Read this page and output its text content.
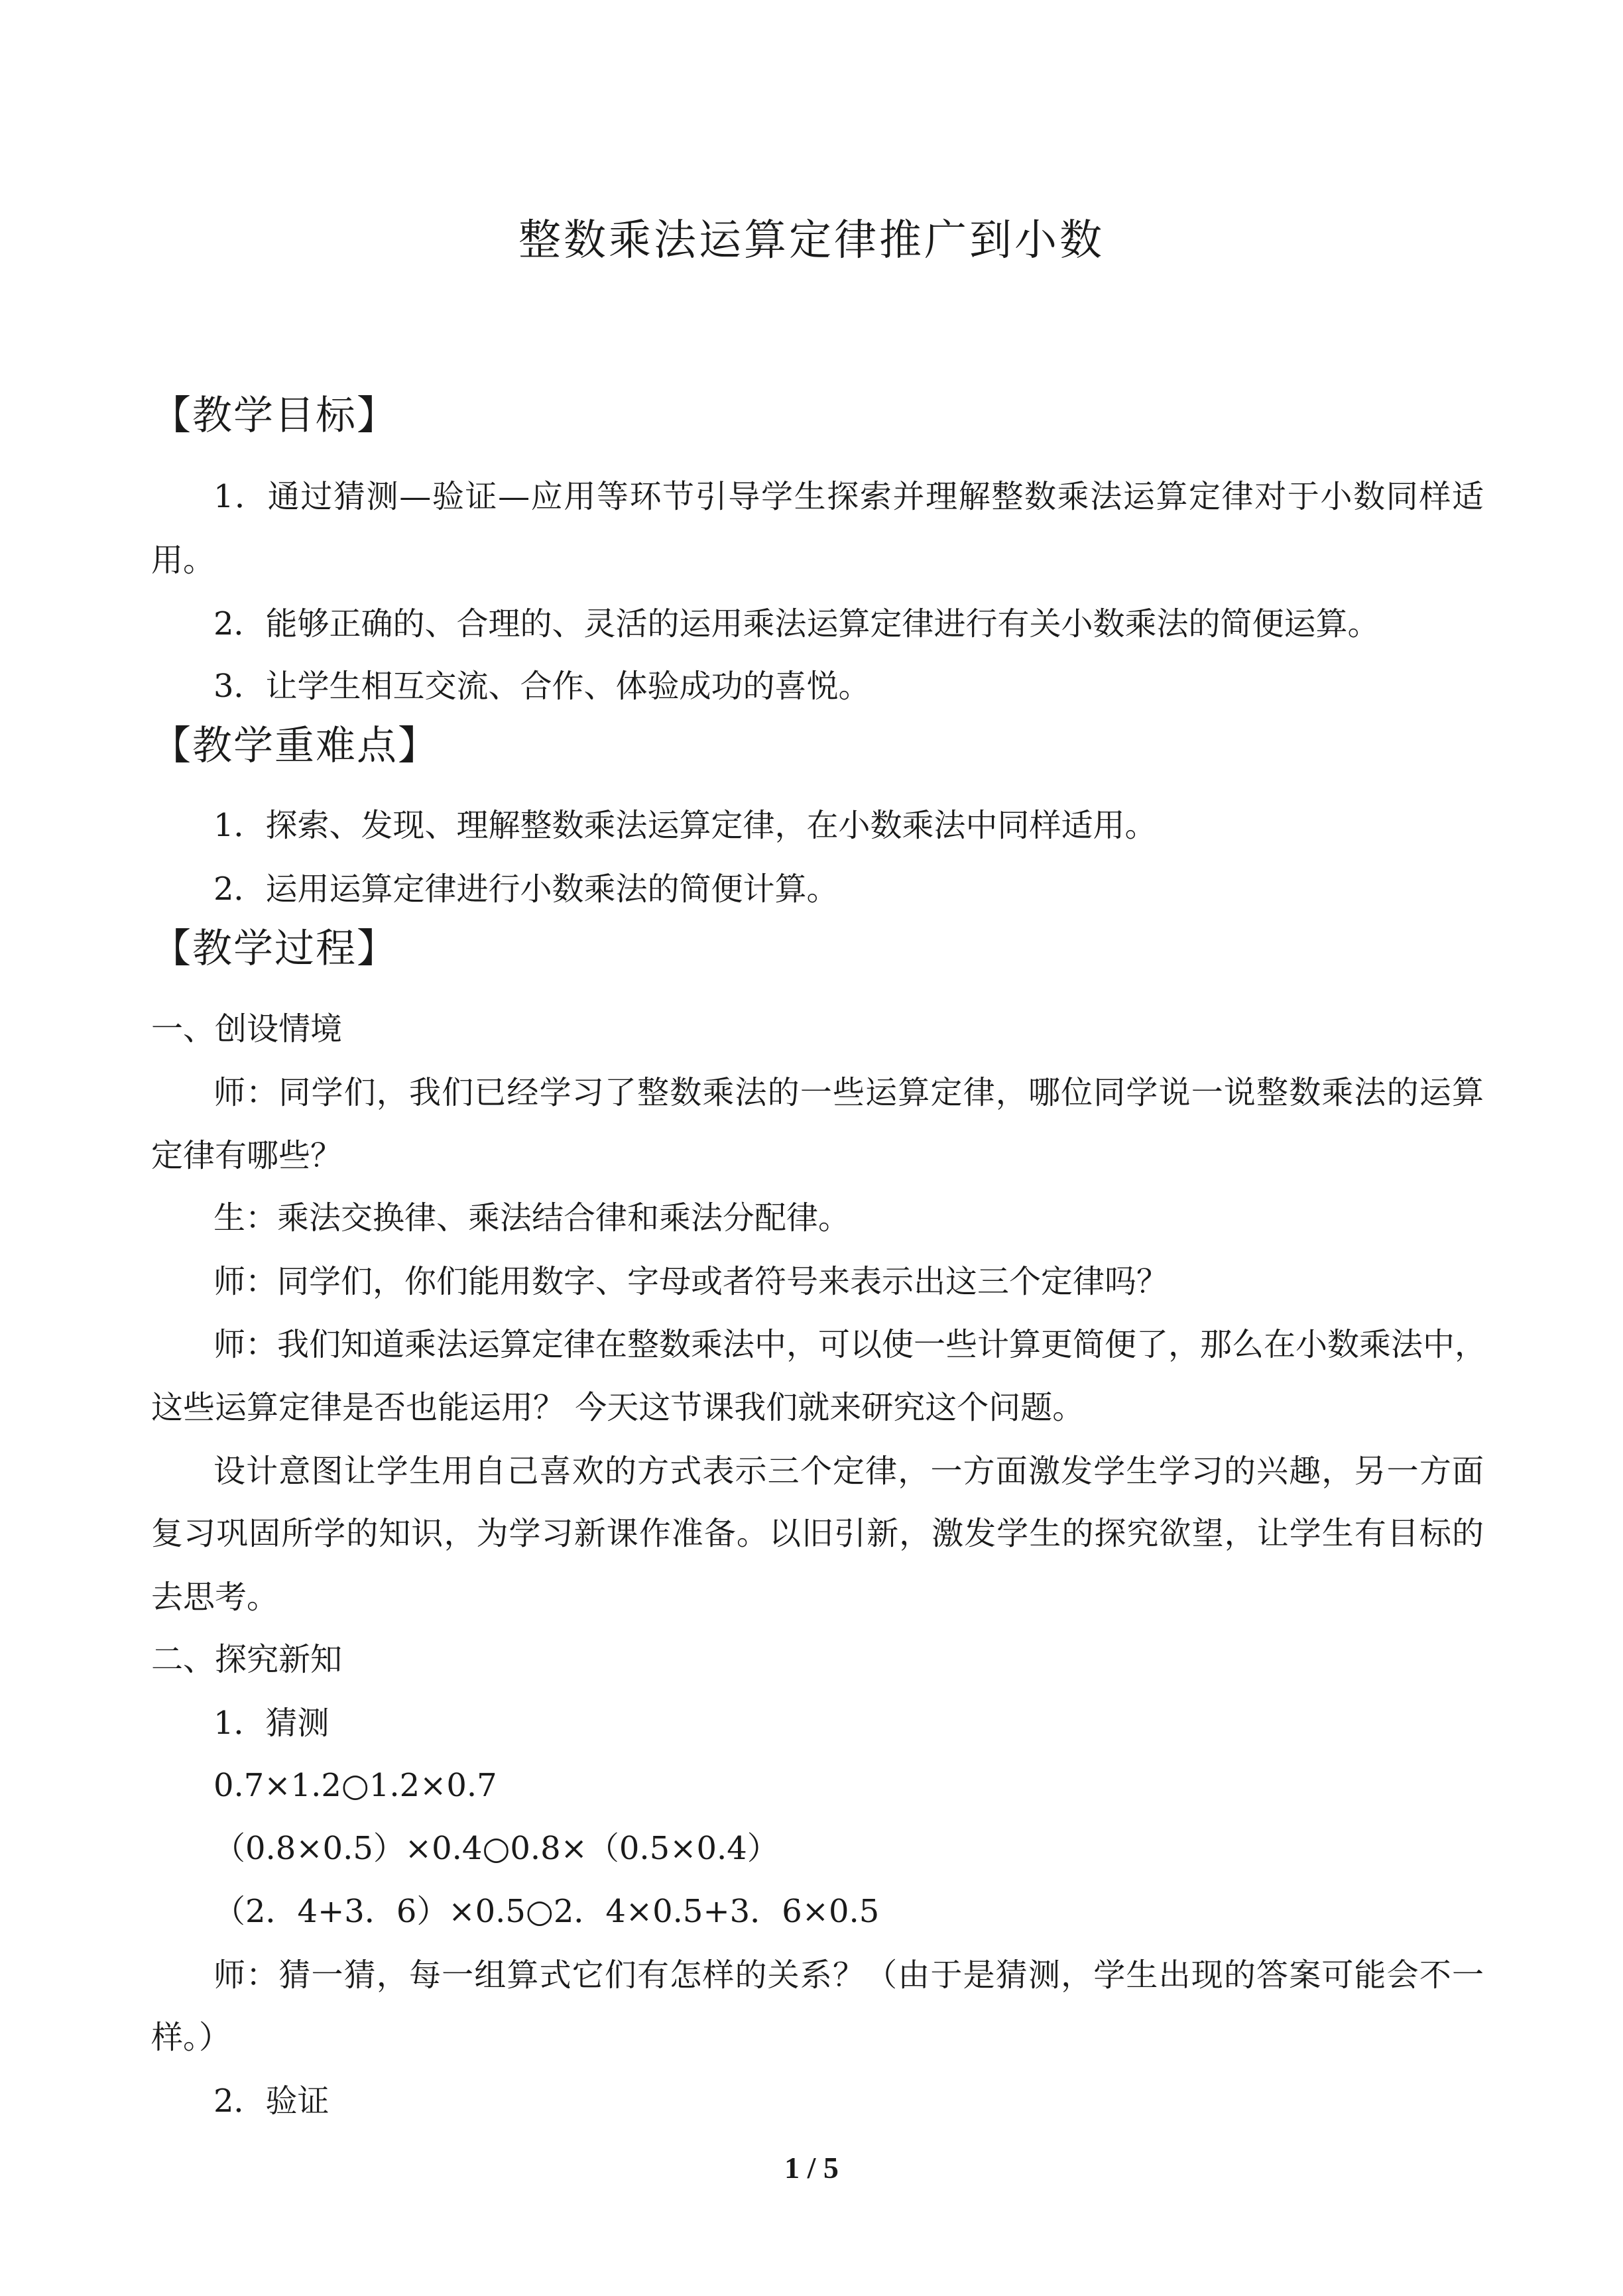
整数乘法运算定律推广到小数
【教学目标】
1．通过猜测—验证—应用等环节引导学生探索并理解整数乘法运算定律对于小数同样适
用。
2．能够正确的、合理的、灵活的运用乘法运算定律进行有关小数乘法的简便运算。
3．让学生相互交流、合作、体验成功的喜悦。
【教学重难点】
1．探索、发现、理解整数乘法运算定律，在小数乘法中同样适用。
2．运用运算定律进行小数乘法的简便计算。
【教学过程】
一、创设情境
师：同学们，我们已经学习了整数乘法的一些运算定律，哪位同学说一说整数乘法的运算
定律有哪些？
生：乘法交换律、乘法结合律和乘法分配律。
师：同学们，你们能用数字、字母或者符号来表示出这三个定律吗？
师：我们知道乘法运算定律在整数乘法中，可以使一些计算更简便了，那么在小数乘法中，
这些运算定律是否也能运用？ 今天这节课我们就来研究这个问题。
设计意图让学生用自己喜欢的方式表示三个定律，一方面激发学生学习的兴趣，另一方面
复习巩固所学的知识，为学习新课作准备。以旧引新，激发学生的探究欲望，让学生有目标的
去思考。
二、探究新知
1．猜测
0.7×1.2○1.2×0.7
（0.8×0.5）×0.4○0.8×（0.5×0.4）
（2．4+3．6）×0.5○2．4×0.5+3．6×0.5
师：猜一猜，每一组算式它们有怎样的关系？（由于是猜测，学生出现的答案可能会不一
样。）
2．验证
1 / 5
